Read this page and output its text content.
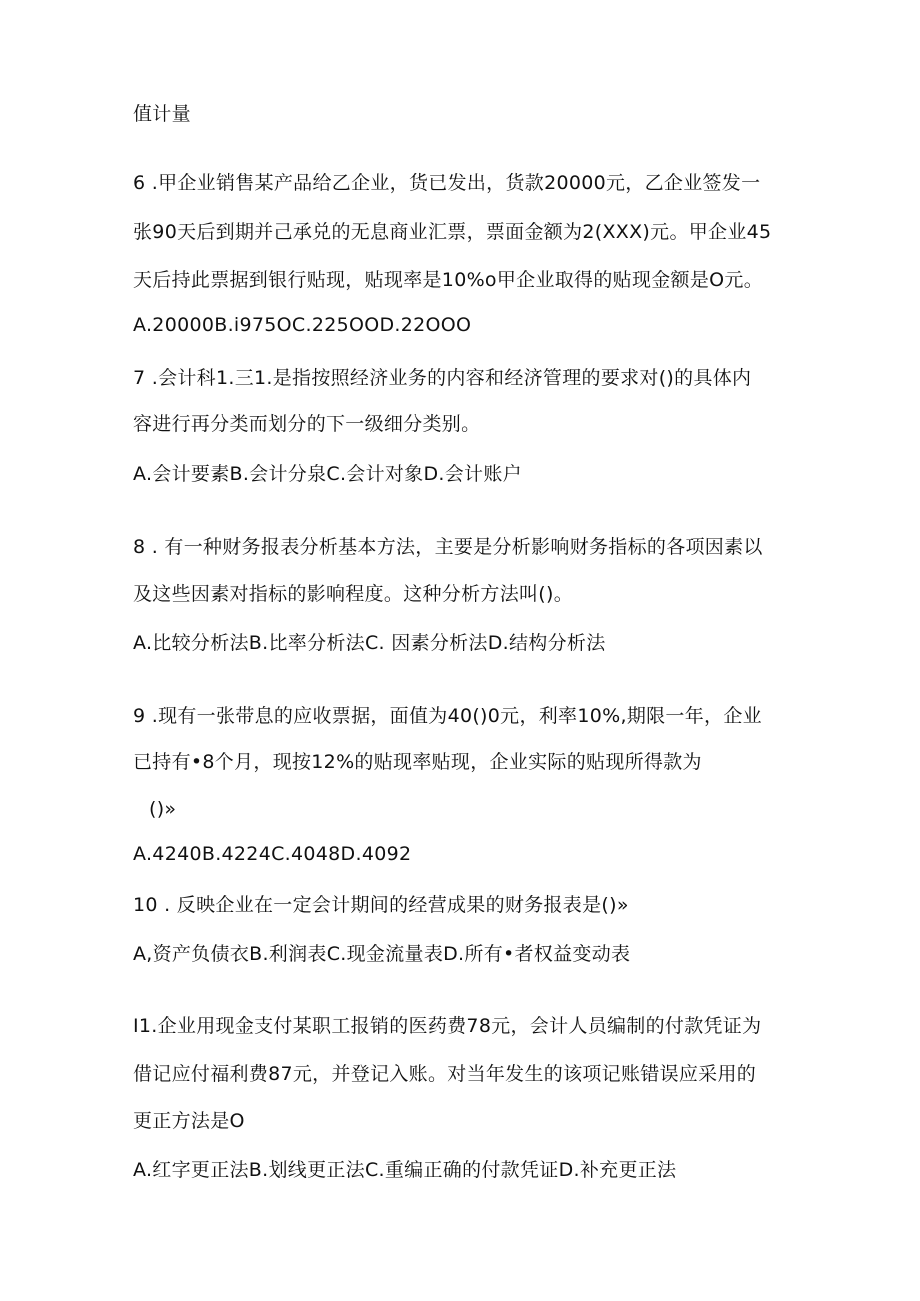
值计量
6 .甲企业销售某产品给乙企业，货已发出，货款20000元，乙企业签发一
张90天后到期并己承兑的无息商业汇票，票面金额为2(XXX)元。甲企业45
天后持此票据到银行贴现，贴现率是10%o甲企业取得的贴现金额是O元。
A.20000B.i975OC.225OOD.22OOO
7 .会计科1.三1.是指按照经济业务的内容和经济管理的要求对()的具体内
容进行再分类而划分的下一级细分类别。
A.会计要素B.会计分泉C.会计对象D.会计账户
8 . 有一种财务报表分析基本方法，主要是分析影响财务指标的各项因素以
及这些因素对指标的影响程度。这种分析方法叫()。
A.比较分析法B.比率分析法C. 因素分析法D.结构分析法
9 .现有一张带息的应收票据，面值为40()0元，利率10%,期限一年，企业
已持有•8个月，现按12%的贴现率贴现，企业实际的贴现所得款为
()»
A.4240B.4224C.4048D.4092
10 . 反映企业在一定会计期间的经营成果的财务报表是()»
A,资产负债衣B.利润表C.现金流量表D.所有•者权益变动表
I1.企业用现金支付某职工报销的医药费78元，会计人员编制的付款凭证为
借记应付福利费87元，并登记入账。对当年发生的该项记账错误应采用的
更正方法是O
A.红字更正法B.划线更正法C.重编正确的付款凭证D.补充更正法
